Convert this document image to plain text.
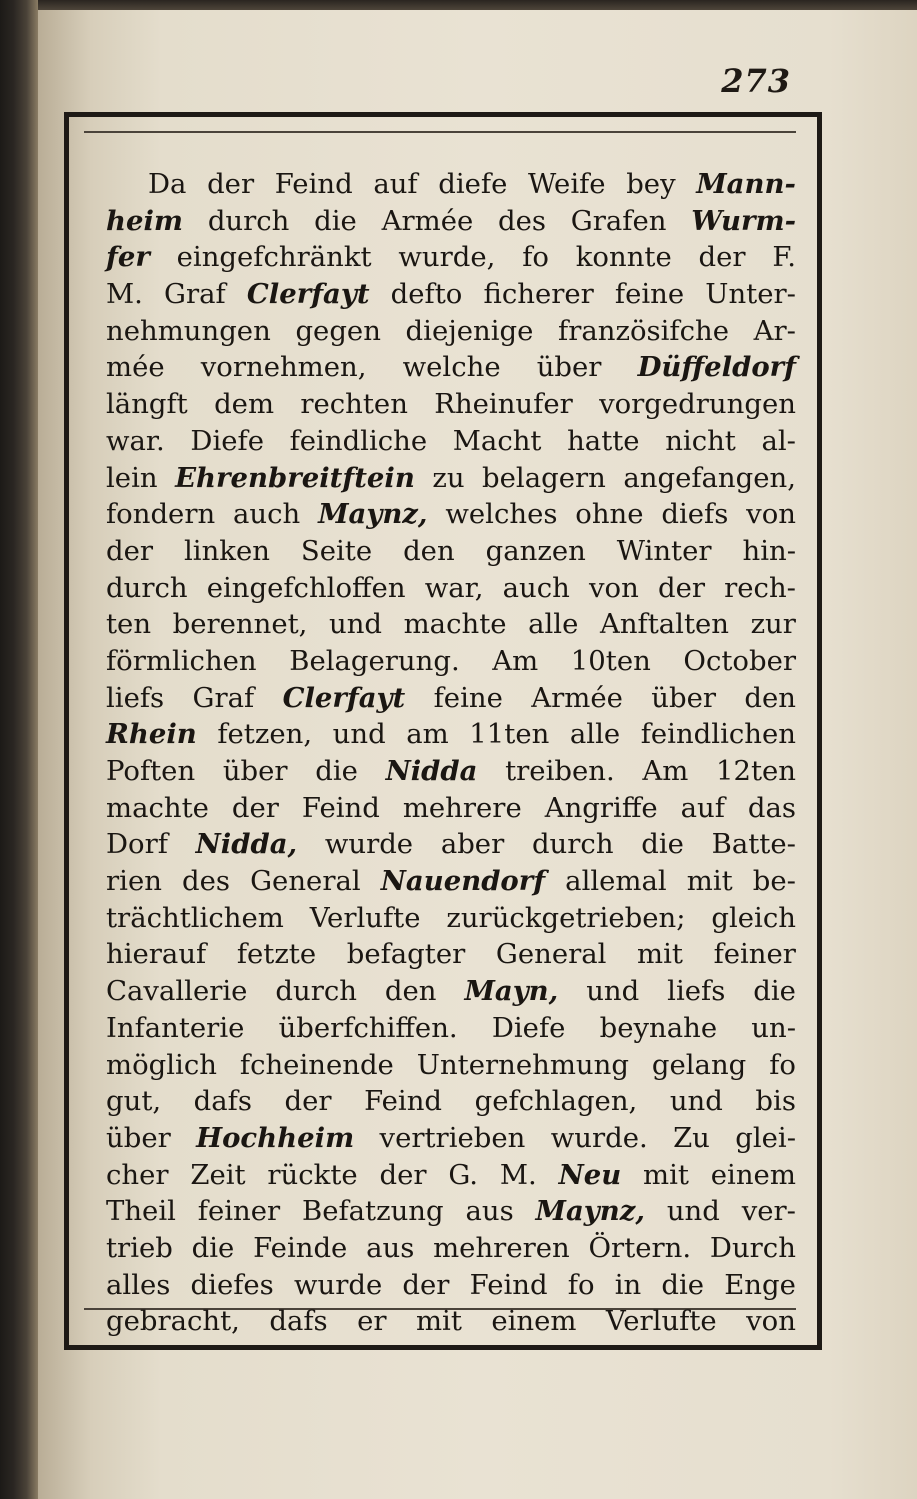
273
Da der Feind auf diefe Weife bey Mann-
heim durch die Armée des Grafen Wurm-
fer eingefchränkt wurde, fo konnte der F.
M. Graf Clerfayt defto ficherer feine Unter-
nehmungen gegen diejenige französifche Ar-
mée vornehmen, welche über Düffeldorf
längft dem rechten Rheinufer vorgedrungen
war. Diefe feindliche Macht hatte nicht al-
lein Ehrenbreitftein zu belagern angefangen,
fondern auch Maynz, welches ohne diefs von
der linken Seite den ganzen Winter hin-
durch eingefchloffen war, auch von der rech-
ten berennet, und machte alle Anftalten zur
förmlichen Belagerung. Am 10ten October
liefs Graf Clerfayt feine Armée über den
Rhein fetzen, und am 11ten alle feindlichen
Poften über die Nidda treiben. Am 12ten
machte der Feind mehrere Angriffe auf das
Dorf Nidda, wurde aber durch die Batte-
rien des General Nauendorf allemal mit be-
trächtlichem Verlufte zurückgetrieben; gleich
hierauf fetzte befagter General mit feiner
Cavallerie durch den Mayn, und liefs die
Infanterie überfchiffen. Diefe beynahe un-
möglich fcheinende Unternehmung gelang fo
gut, dafs der Feind gefchlagen, und bis
über Hochheim vertrieben wurde. Zu glei-
cher Zeit rückte der G. M. Neu mit einem
Theil feiner Befatzung aus Maynz, und ver-
trieb die Feinde aus mehreren Örtern. Durch
alles diefes wurde der Feind fo in die Enge
gebracht, dafs er mit einem Verlufte von
